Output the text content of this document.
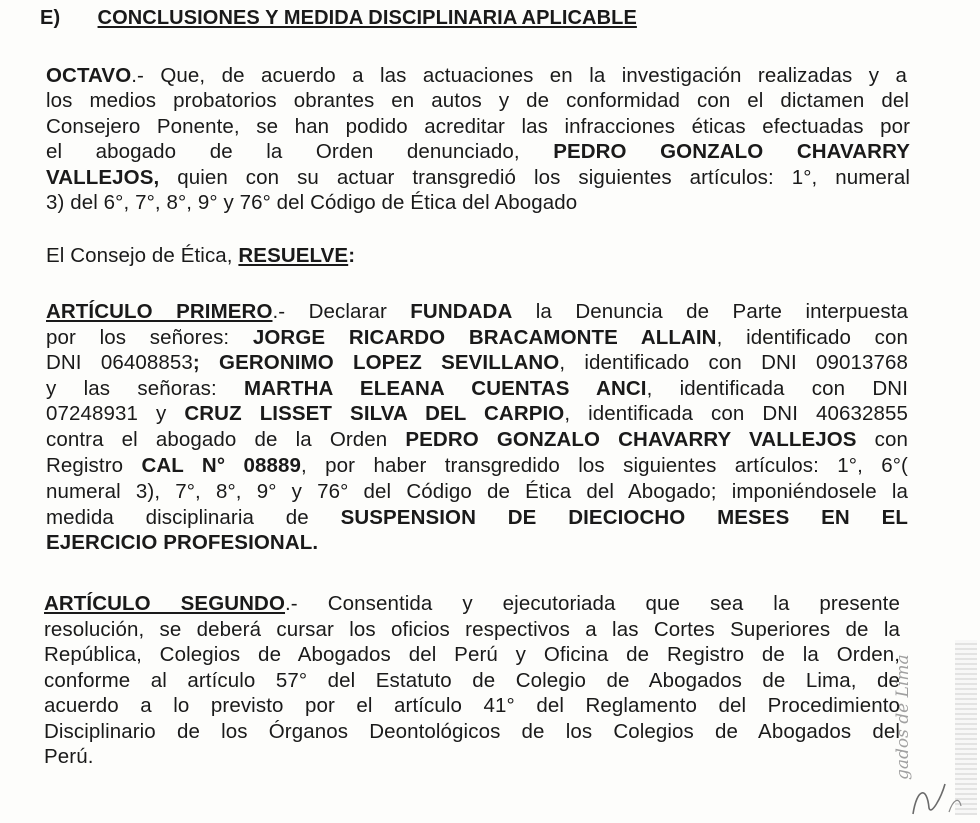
E) CONCLUSIONES Y MEDIDA DISCIPLINARIA APLICABLE
OCTAVO.- Que, de acuerdo a las actuaciones en la investigación realizadas y a
los medios probatorios obrantes en autos y de conformidad con el dictamen del
Consejero Ponente, se han podido acreditar las infracciones éticas efectuadas por
el abogado de la Orden denunciado, PEDRO GONZALO CHAVARRY
VALLEJOS, quien con su actuar transgredió los siguientes artículos: 1°, numeral
3) del 6°, 7°, 8°, 9° y 76° del Código de Ética del Abogado
El Consejo de Ética, RESUELVE:
ARTÍCULO PRIMERO.- Declarar FUNDADA la Denuncia de Parte interpuesta
por los señores: JORGE RICARDO BRACAMONTE ALLAIN, identificado con
DNI 06408853; GERONIMO LOPEZ SEVILLANO, identificado con DNI 09013768
y las señoras: MARTHA ELEANA CUENTAS ANCI, identificada con DNI
07248931 y CRUZ LISSET SILVA DEL CARPIO, identificada con DNI 40632855
contra el abogado de la Orden PEDRO GONZALO CHAVARRY VALLEJOS con
Registro CAL N° 08889, por haber transgredido los siguientes artículos: 1°, 6°(
numeral 3), 7°, 8°, 9° y 76° del Código de Ética del Abogado; imponiéndosele la
medida disciplinaria de SUSPENSION DE DIECIOCHO MESES EN EL
EJERCICIO PROFESIONAL.
ARTÍCULO SEGUNDO.- Consentida y ejecutoriada que sea la presente
resolución, se deberá cursar los oficios respectivos a las Cortes Superiores de la
República, Colegios de Abogados del Perú y Oficina de Registro de la Orden,
conforme al artículo 57° del Estatuto de Colegio de Abogados de Lima, de
acuerdo a lo previsto por el artículo 41° del Reglamento del Procedimiento
Disciplinario de los Órganos Deontológicos de los Colegios de Abogados del
Perú.	gados de Lima
